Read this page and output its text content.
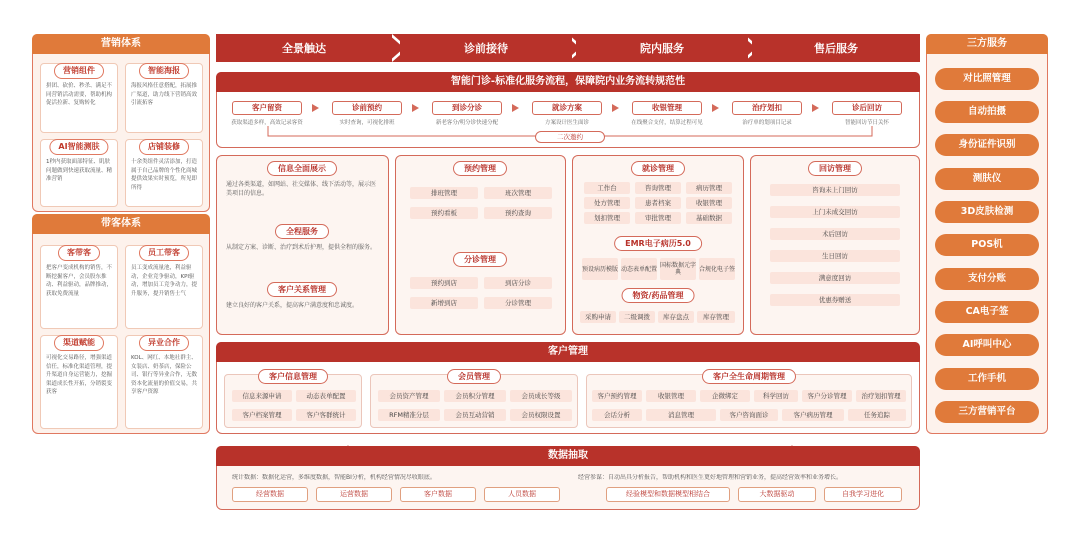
营销体系
营销组件
拼团、砍价、秒杀、满足不同营销活动需要，帮助机构促活拉新、复购转化
智能海报
海报风格任意搭配，拓展推广渠道，助力线下营销高效引流拓客
AI智能测肤
1秒内获取面部特征、肌肤问题做到快速获取流量、精准营销
店铺装修
十余类组件灵活添加，打造属于自己品牌的个性化商城提供效果实时预览，所见即所得
带客体系
客带客
把客户变成机构的销售，不断挖掘客户，会员股东推动、利益驱动，品牌推动，获取免费流量
员工带客
员工变成流量池，利益驱动，企业竞争驱动，KPI驱动，增加员工竞争动力，提升服务，提升销售士气
渠道赋能
可视化交易路径，增强渠道信任，标准化渠道管理，提升渠道自身运营能力，挖掘渠道成长性开拓，分销裂变获客
异业合作
KOL、网红、本地社群主、女装店、奶茶店，保险公司、银行等异业合作，无数资本化流量的价值交易，共享客户资源
全景触达	诊前接待	院内服务	售后服务
智能门诊-标准化服务流程，保障院内业务流转规范性
客户留资	诊前预约	到诊分诊	就诊方案	收银管理	治疗划扣	诊后回访
获取渠道多样，高效记录客资	实时查询，可视化排班	新老客分/明分诊快速分配	方案设计医生面诊	在线聚合支付，结算过程可见	治疗单的划项目记录	智能回访节日关怀
二次邀约
信息全面展示
通过各类渠道，如网站、社交媒体、线下活动等，展示医美项目的信息。
全程服务
从制定方案、诊断、治疗到术后护理，提供全程的服务。
客户关系管理
建立良好的客户关系，提高客户满意度和忠诚度。
预约管理
排班管理	班次管理
预约看板	预约查询
分诊管理
预约到店	到店分诊
新增到店	分诊管理
就诊管理
工作台	咨询管理	病历管理
处方管理	患者档案	收银管理
划扣管理	审批管理	基础数据
EMR电子病历5.0
预设病历模版 动态表单配置 国标数据元字典	合规化电子签
物资/药品管理
采购申请	二级调拨	库存盘点	库存管理
回访管理
咨询未上门回访
上门未成交回访
术后回访
生日回访
满意度回访
优惠券赠送
客户管理
客户信息管理
信息来源申请	动态表单配置
客户档案管理	客户客群统计
会员管理
会员资产管理	会员积分管理	会员成长等级
RFM精准分层	会员互动营销	会员权限设置
客户全生命周期管理
客户预约管理	收银管理	企微绑定	科学回访	客户分诊管理	治疗划扣管理
会话分析	消息管理	客户咨询面诊	客户病历管理	任务追踪
数据抽取
统计数据：数据化运营，多维度数据，智能BI分析，机构经营情况尽收眼底。
经营数据	运营数据	客户数据	人员数据
经营参谋：自动出具分析报告，帮助机构和医生更好地管理和营销业务，提高经营效率和业务增长。
经验模型和数据模型相结合	大数据驱动	自我学习进化
三方服务
对比照管理
自动拍摄
身份证件识别
测肤仪
3D皮肤检测
POS机
支付分账
CA电子签
AI呼叫中心
工作手机
三方营销平台
